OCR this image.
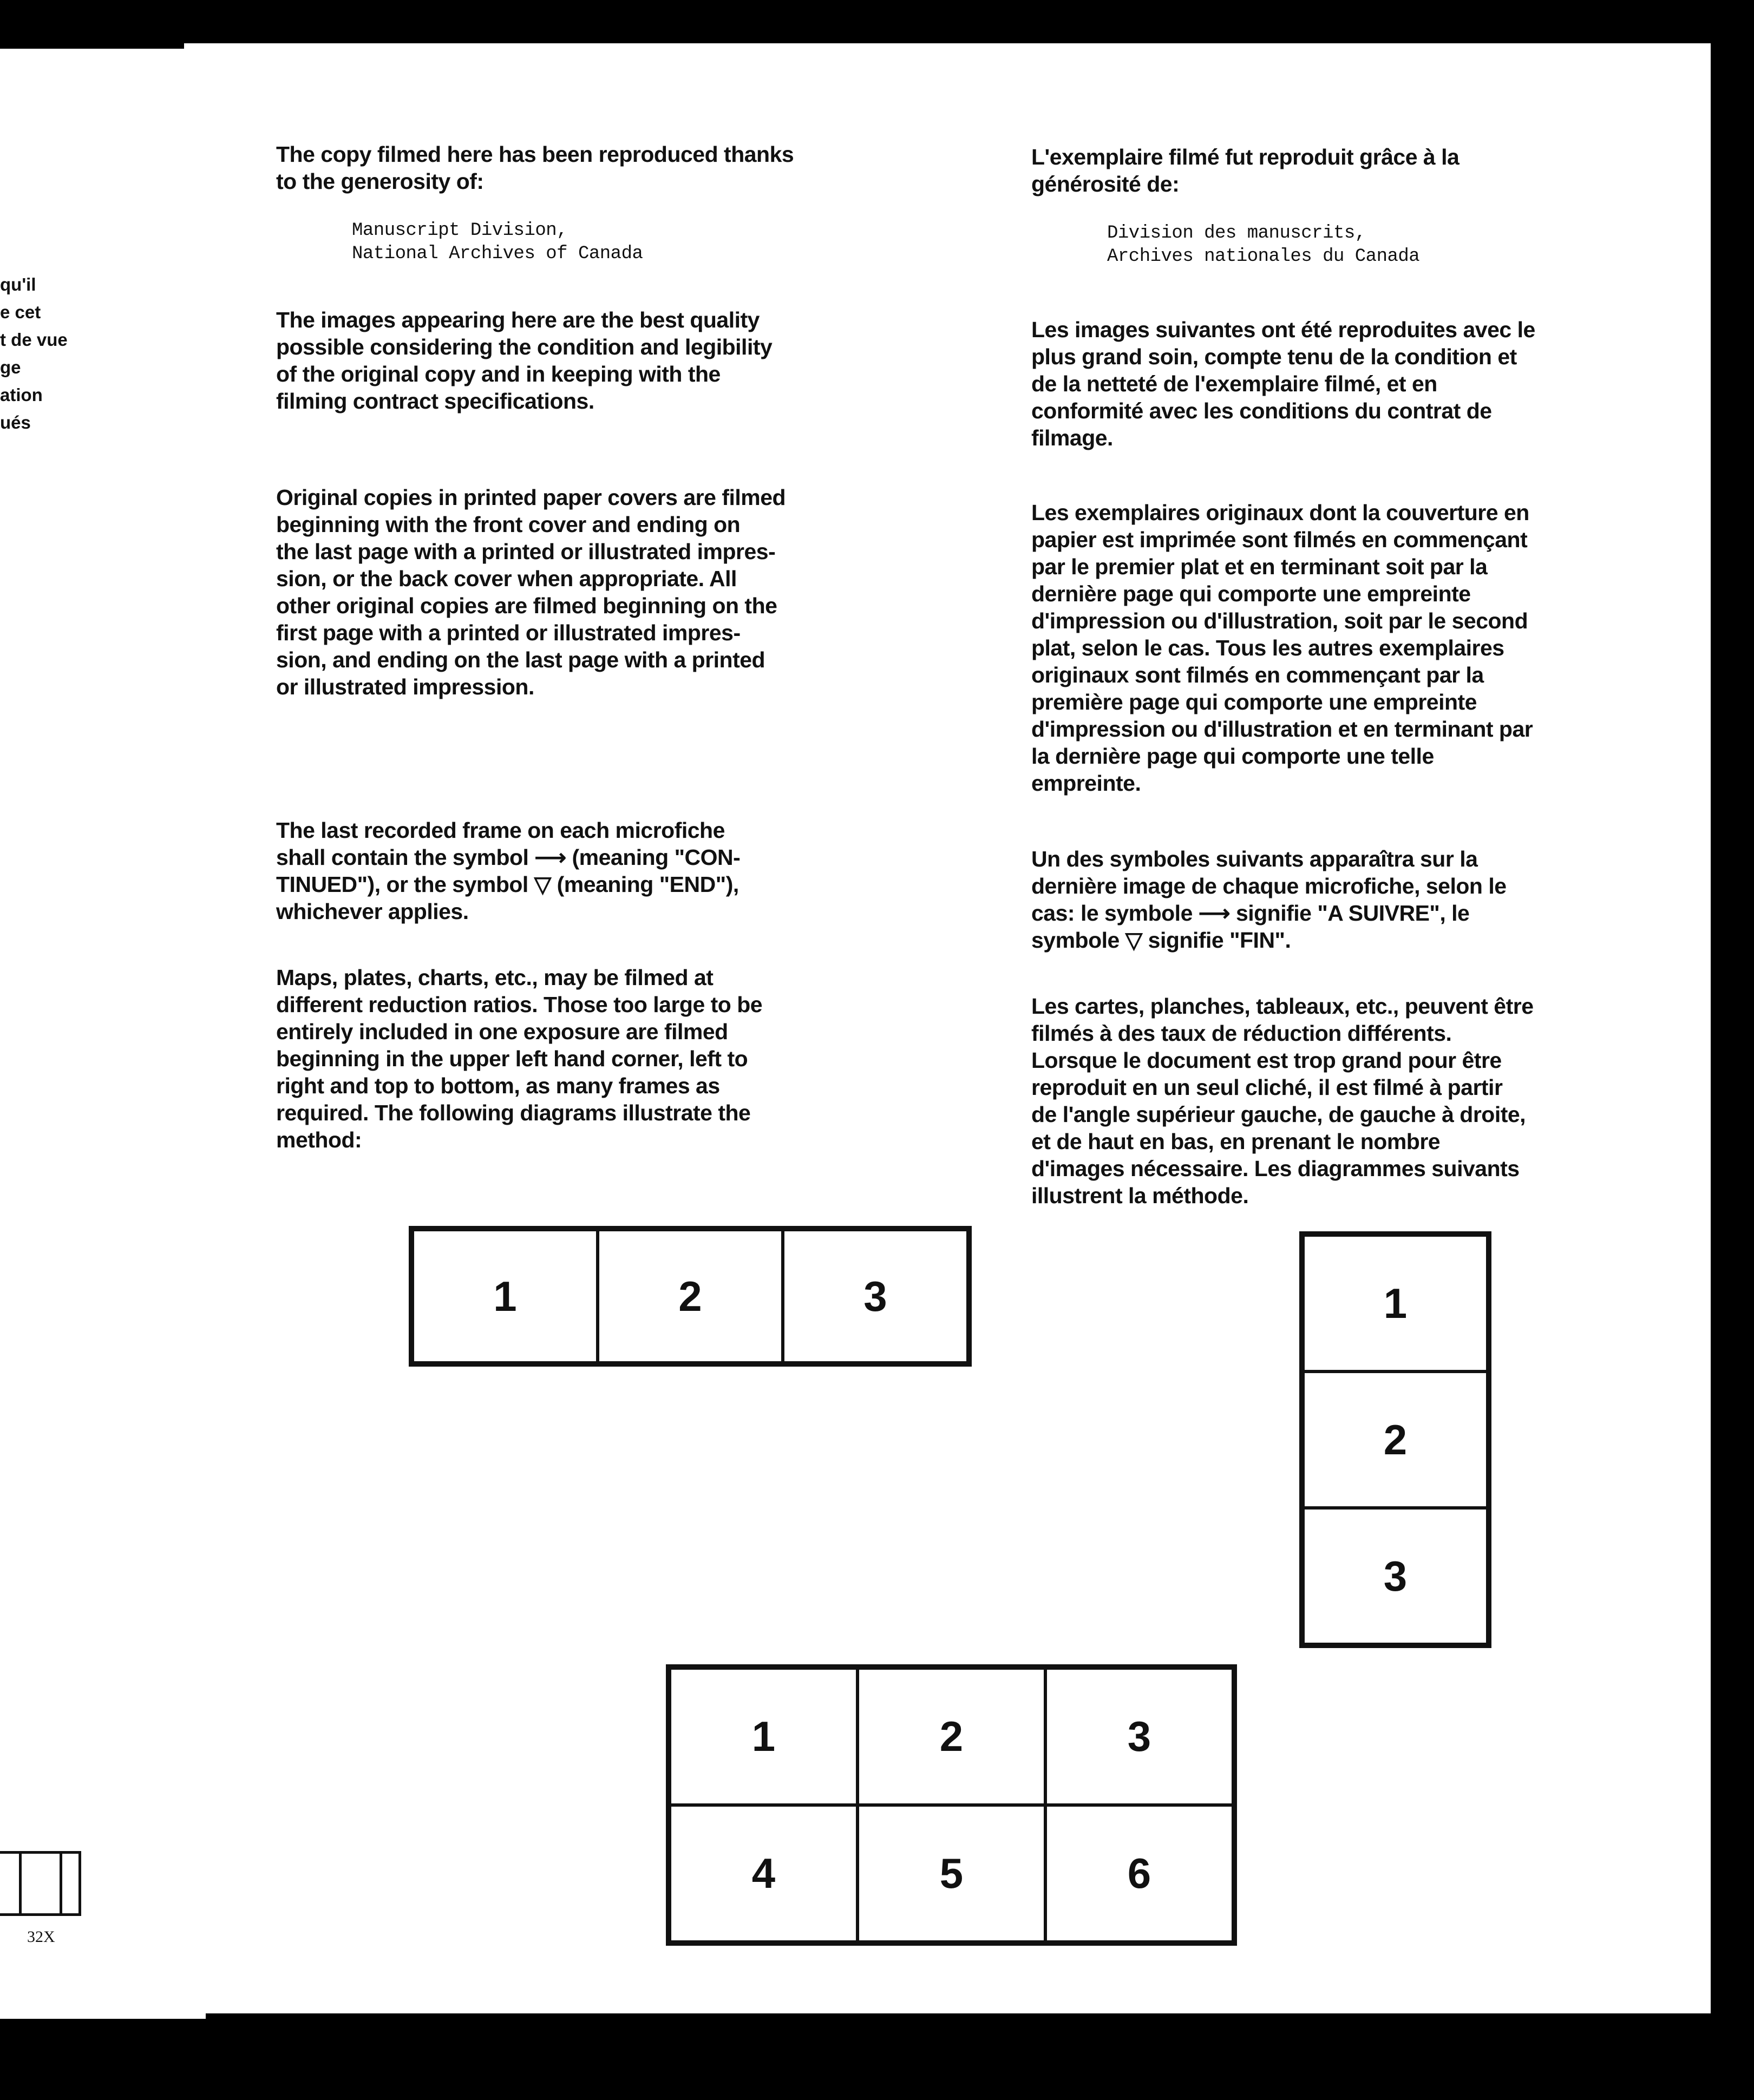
qu'il
e cet
t de vue
ge
ation
ués
32X

The copy filmed here has been reproduced thanks
to the generosity of:

Manuscript Division,
National Archives of Canada

The images appearing here are the best quality
possible considering the condition and legibility
of the original copy and in keeping with the
filming contract specifications.

Original copies in printed paper covers are filmed
beginning with the front cover and ending on
the last page with a printed or illustrated impres-
sion, or the back cover when appropriate. All
other original copies are filmed beginning on the
first page with a printed or illustrated impres-
sion, and ending on the last page with a printed
or illustrated impression.

The last recorded frame on each microfiche
shall contain the symbol ⟶ (meaning "CON-
TINUED"), or the symbol ▽ (meaning "END"),
whichever applies.

Maps, plates, charts, etc., may be filmed at
different reduction ratios. Those too large to be
entirely included in one exposure are filmed
beginning in the upper left hand corner, left to
right and top to bottom, as many frames as
required. The following diagrams illustrate the
method:

L'exemplaire filmé fut reproduit grâce à la
générosité de:

Division des manuscrits,
Archives nationales du Canada

Les images suivantes ont été reproduites avec le
plus grand soin, compte tenu de la condition et
de la netteté de l'exemplaire filmé, et en
conformité avec les conditions du contrat de
filmage.

Les exemplaires originaux dont la couverture en
papier est imprimée sont filmés en commençant
par le premier plat et en terminant soit par la
dernière page qui comporte une empreinte
d'impression ou d'illustration, soit par le second
plat, selon le cas. Tous les autres exemplaires
originaux sont filmés en commençant par la
première page qui comporte une empreinte
d'impression ou d'illustration et en terminant par
la dernière page qui comporte une telle
empreinte.

Un des symboles suivants apparaîtra sur la
dernière image de chaque microfiche, selon le
cas: le symbole ⟶ signifie "A SUIVRE", le
symbole ▽ signifie "FIN".

Les cartes, planches, tableaux, etc., peuvent être
filmés à des taux de réduction différents.
Lorsque le document est trop grand pour être
reproduit en un seul cliché, il est filmé à partir
de l'angle supérieur gauche, de gauche à droite,
et de haut en bas, en prenant le nombre
d'images nécessaire. Les diagrammes suivants
illustrent la méthode.

1	2	3	1
2
3
1	2	3
4	5	6
